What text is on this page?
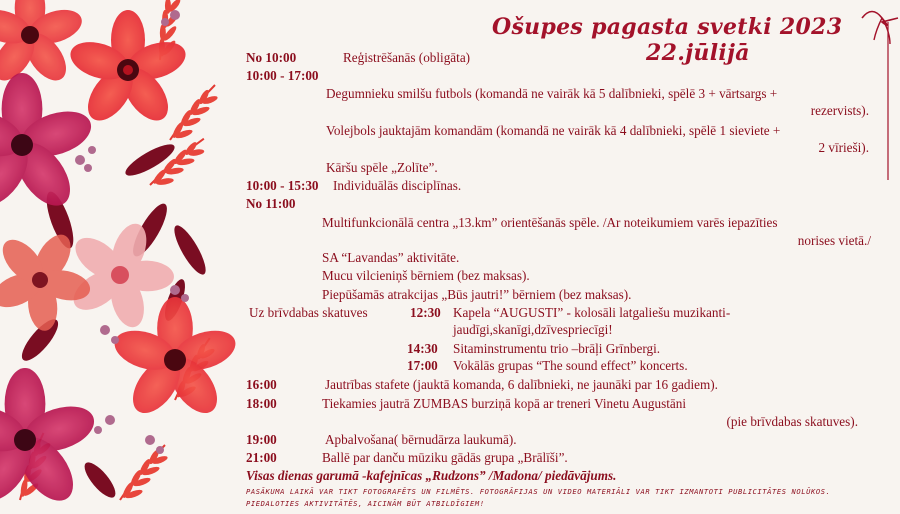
Ošupes pagasta svetki 2023
22.jūlijā
No 10:00	Reģistrēšanās (obligāta)
10:00 - 17:00
Degumnieku smilšu futbols (komandā ne vairāk kā 5 dalībnieki, spēlē 3 + vārtsargs +
rezervists).
Volejbols jauktajām komandām (komandā ne vairāk kā 4 dalībnieki, spēlē 1 sieviete +
2 vīrieši).
Kāršu spēle „Zolīte”.
10:00 - 15:30 Individuālās disciplīnas.
No 11:00
Multifunkcionālā centra „13.km” orientēšanās spēle. /Ar noteikumiem varēs iepazīties
norises vietā./
SA “Lavandas” aktivitāte.
Mucu vilcieniņš bērniem (bez maksas).
Piepūšamās atrakcijas „Būs jautri!” bērniem (bez maksas).
Uz brīvdabas skatuves	12:30 Kapela “AUGUSTI” - kolosāli latgaliešu muzikanti-
jaudīgi,skanīgi,dzīvespriecīgi!
14:30 Sitaminstrumentu trio –brāļi Grīnbergi.
17:00 Vokālās grupas “The sound effect” koncerts.
16:00	Jautrības stafete (jauktā komanda, 6 dalībnieki, ne jaunāki par 16 gadiem).
18:00	Tiekamies jautrā ZUMBAS burziņā kopā ar treneri Vinetu Augustāni
(pie brīvdabas skatuves).
19:00	Apbalvošana( bērnudārza laukumā).
21:00	Ballē par danču mūziku gādās grupa „Brālīši”.
Visas dienas garumā -kafejnīcas „Rudzons” /Madona/ piedāvājums.
PASĀKUMA LAIKĀ VAR TIKT FOTOGRAFĒTS UN FILMĒTS. FOTOGRĀFIJAS UN VIDEO MATERIĀLI VAR TIKT IZMANTOTI PUBLICITĀTES NOLŪKOS.
PIEDALOTIES AKTIVITĀTĒS, AICINĀM BŪT ATBILDĪGIEM!
